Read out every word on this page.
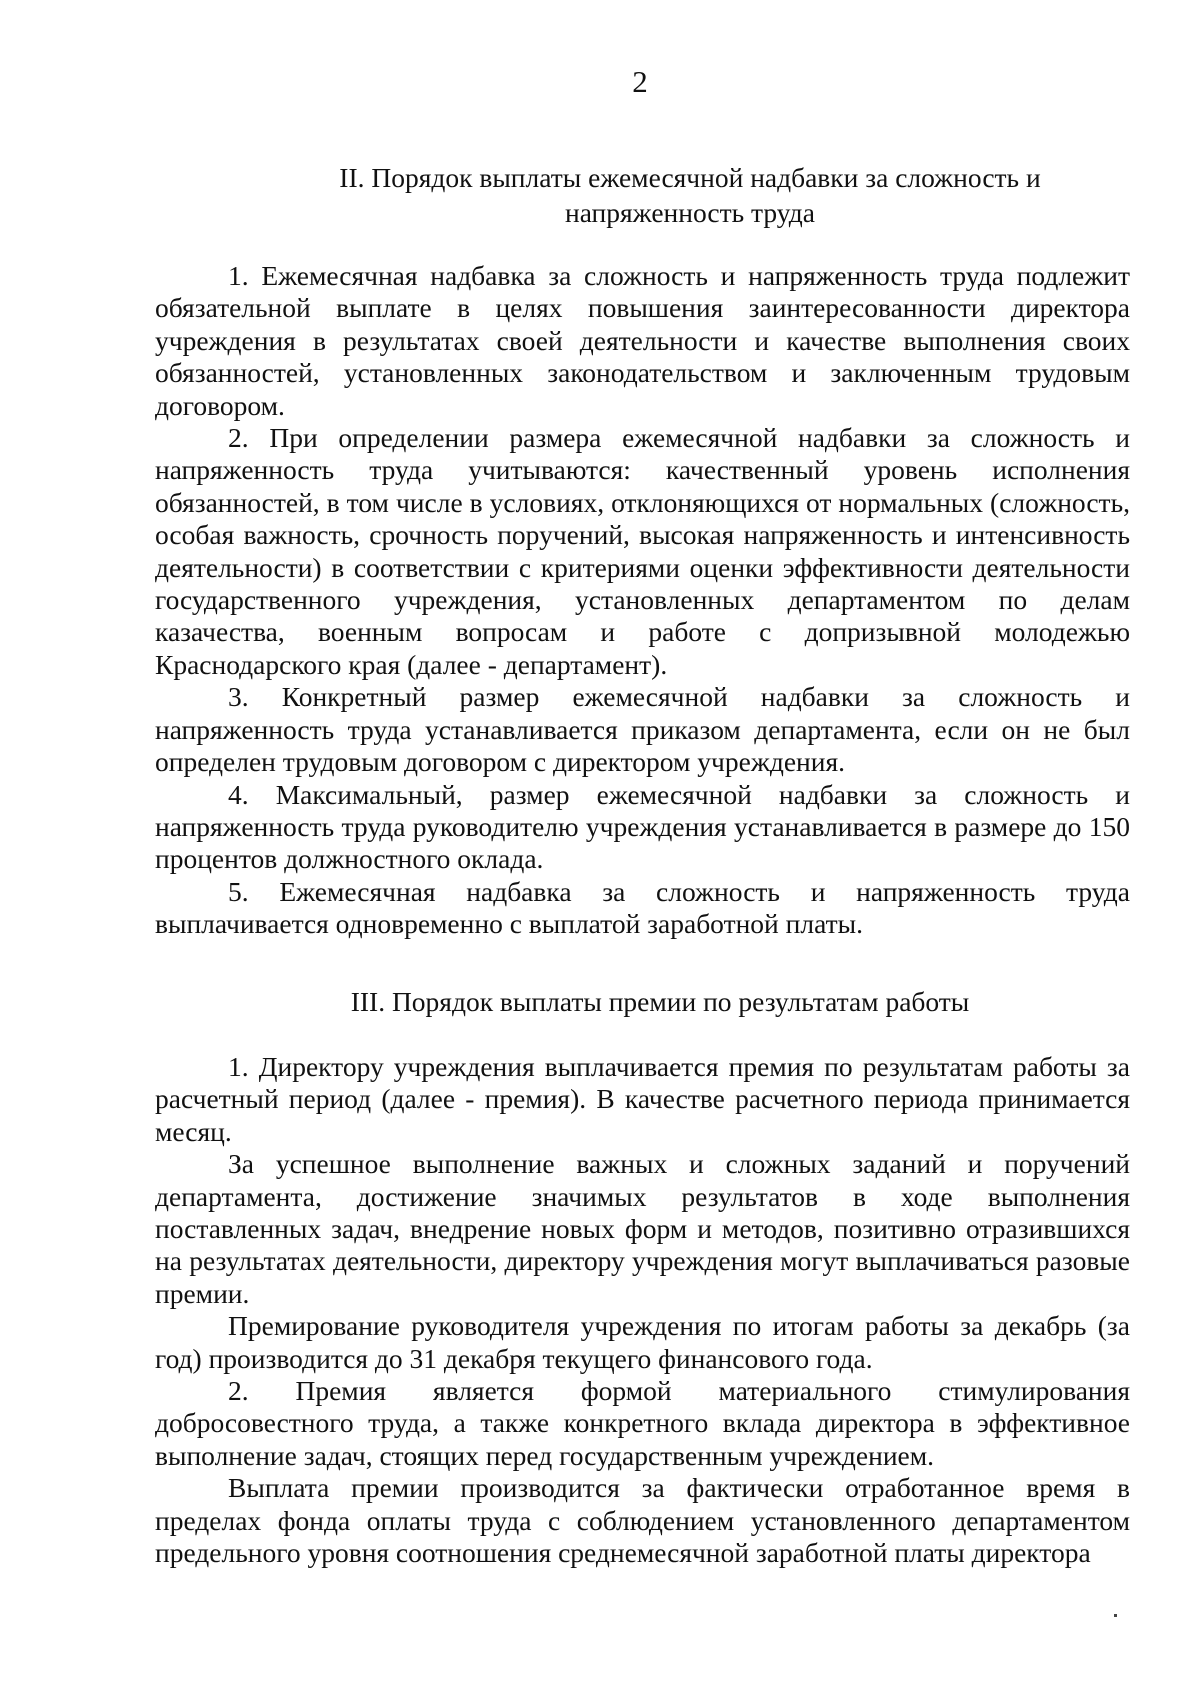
2
II. Порядок выплаты ежемесячной надбавки за сложность и
напряженность труда

1. Ежемесячная надбавка за сложность и напряженность труда подлежит обязательной выплате в целях повышения заинтересованности директора учреждения в результатах своей деятельности и качестве выполнения своих обязанностей, установленных законодательством и заключенным трудовым договором.

2. При определении размера ежемесячной надбавки за сложность и напряженность труда учитываются: качественный уровень исполнения обязанностей, в том числе в условиях, отклоняющихся от нормальных (сложность, особая важность, срочность поручений, высокая напряженность и интенсивность деятельности) в соответствии с критериями оценки эффективности деятельности государственного учреждения, установленных департаментом по делам казачества, военным вопросам и работе с допризывной молодежью Краснодарского края (далее - департамент).

3. Конкретный размер ежемесячной надбавки за сложность и напряженность труда устанавливается приказом департамента, если он не был определен трудовым договором с директором учреждения.

4. Максимальный, размер ежемесячной надбавки за сложность и напряженность труда руководителю учреждения устанавливается в размере до 150 процентов должностного оклада.

5. Ежемесячная надбавка за сложность и напряженность труда выплачивается одновременно с выплатой заработной платы.

III. Порядок выплаты премии по результатам работы

1. Директору учреждения выплачивается премия по результатам работы за расчетный период (далее - премия). В качестве расчетного периода принимается месяц.

За успешное выполнение важных и сложных заданий и поручений департамента, достижение значимых результатов в ходе выполнения поставленных задач, внедрение новых форм и методов, позитивно отразившихся на результатах деятельности, директору учреждения могут выплачиваться разовые премии.

Премирование руководителя учреждения по итогам работы за декабрь (за год) производится до 31 декабря текущего финансового года.

2. Премия является формой материального стимулирования добросовестного труда, а также конкретного вклада директора в эффективное выполнение задач, стоящих перед государственным учреждением.

Выплата премии производится за фактически отработанное время в пределах фонда оплаты труда с соблюдением установленного департаментом предельного уровня соотношения среднемесячной заработной платы директора
